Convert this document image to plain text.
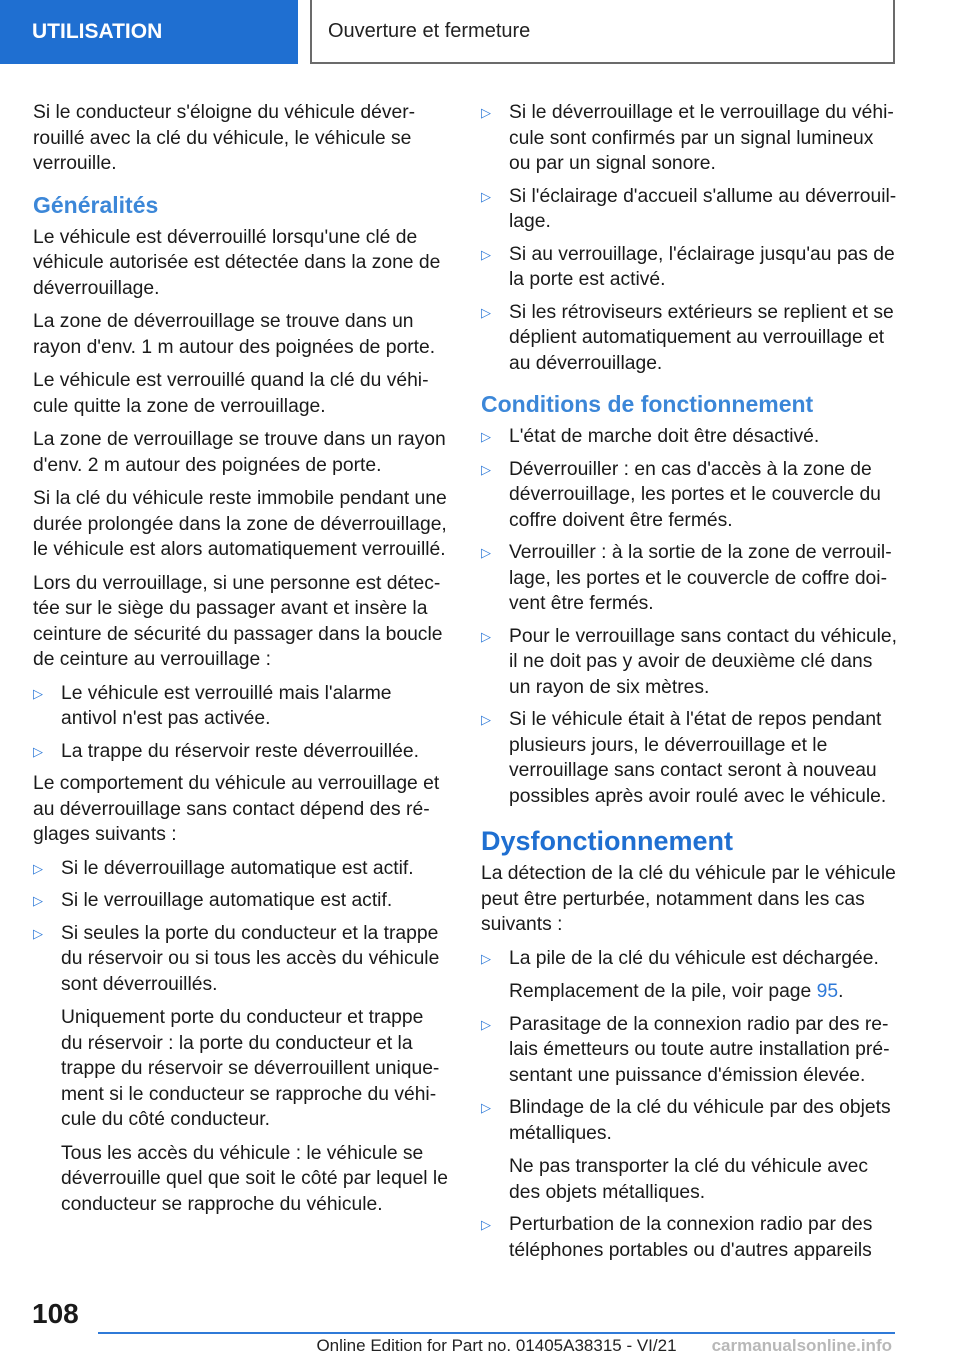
UTILISATION	Ouverture et fermeture

Si le conducteur s'éloigne du véhicule déverrouillé avec la clé du véhicule, le véhicule se verrouille.

Généralités

Le véhicule est déverrouillé lorsqu'une clé de véhicule autorisée est détectée dans la zone de déverrouillage.

La zone de déverrouillage se trouve dans un rayon d'env. 1 m autour des poignées de porte.

Le véhicule est verrouillé quand la clé du véhicule quitte la zone de verrouillage.

La zone de verrouillage se trouve dans un rayon d'env. 2 m autour des poignées de porte.

Si la clé du véhicule reste immobile pendant une durée prolongée dans la zone de déverrouillage, le véhicule est alors automatiquement verrouillé.

Lors du verrouillage, si une personne est détectée sur le siège du passager avant et insère la ceinture de sécurité du passager dans la boucle de ceinture au verrouillage :

▷ Le véhicule est verrouillé mais l'alarme antivol n'est pas activée.
▷ La trappe du réservoir reste déverrouillée.

Le comportement du véhicule au verrouillage et au déverrouillage sans contact dépend des réglages suivants :

▷ Si le déverrouillage automatique est actif.
▷ Si le verrouillage automatique est actif.
▷ Si seules la porte du conducteur et la trappe du réservoir ou si tous les accès du véhicule sont déverrouillés.
Uniquement porte du conducteur et trappe du réservoir : la porte du conducteur et la trappe du réservoir se déverrouillent uniquement si le conducteur se rapproche du véhicule du côté conducteur.
Tous les accès du véhicule : le véhicule se déverrouille quel que soit le côté par lequel le conducteur se rapproche du véhicule.
▷ Si le déverrouillage et le verrouillage du véhicule sont confirmés par un signal lumineux ou par un signal sonore.
▷ Si l'éclairage d'accueil s'allume au déverrouillage.
▷ Si au verrouillage, l'éclairage jusqu'au pas de la porte est activé.
▷ Si les rétroviseurs extérieurs se replient et se déplient automatiquement au verrouillage et au déverrouillage.
Conditions de fonctionnement
▷ L'état de marche doit être désactivé.
▷ Déverrouiller : en cas d'accès à la zone de déverrouillage, les portes et le couvercle du coffre doivent être fermés.
▷ Verrouiller : à la sortie de la zone de verrouillage, les portes et le couvercle de coffre doivent être fermés.
▷ Pour le verrouillage sans contact du véhicule, il ne doit pas y avoir de deuxième clé dans un rayon de six mètres.
▷ Si le véhicule était à l'état de repos pendant plusieurs jours, le déverrouillage et le verrouillage sans contact seront à nouveau possibles après avoir roulé avec le véhicule.
Dysfonctionnement

La détection de la clé du véhicule par le véhicule peut être perturbée, notamment dans les cas suivants :

▷ La pile de la clé du véhicule est déchargée.
Remplacement de la pile, voir page 95.
▷ Parasitage de la connexion radio par des relais émetteurs ou toute autre installation présentant une puissance d'émission élevée.
▷ Blindage de la clé du véhicule par des objets métalliques.
Ne pas transporter la clé du véhicule avec des objets métalliques.
▷ Perturbation de la connexion radio par des téléphones portables ou d'autres appareils
108
Online Edition for Part no. 01405A38315 - VI/21	carmanualsonline.info
